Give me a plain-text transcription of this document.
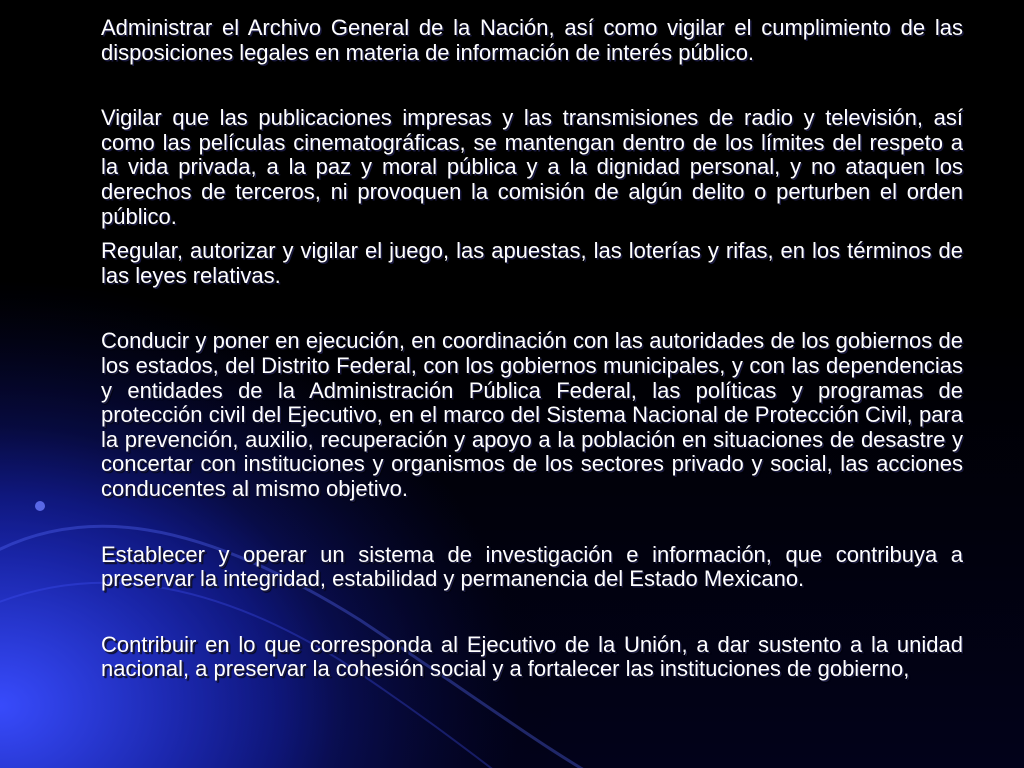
Administrar el Archivo General de la Nación, así como vigilar el cumplimiento de las disposiciones legales en materia de información de interés público.

Vigilar que las publicaciones impresas y las transmisiones de radio y televisión, así como las películas cinematográficas, se mantengan dentro de los límites del respeto a la vida privada, a la paz y moral pública y a la dignidad personal, y no ataquen los derechos de terceros, ni provoquen la comisión de algún delito o perturben el orden público.

Regular, autorizar y vigilar el juego, las apuestas, las loterías y rifas, en los términos de las leyes relativas.

Conducir y poner en ejecución, en coordinación con las autoridades de los gobiernos de los estados, del Distrito Federal, con los gobiernos municipales, y con las dependencias y entidades de la Administración Pública Federal, las políticas y programas de protección civil del Ejecutivo, en el marco del Sistema Nacional de Protección Civil, para la prevención, auxilio, recuperación y apoyo a la población en situaciones de desastre y concertar con instituciones y organismos de los sectores privado y social, las acciones conducentes al mismo objetivo.

Establecer y operar un sistema de investigación e información, que contribuya a preservar la integridad, estabilidad y permanencia del Estado Mexicano.

Contribuir en lo que corresponda al Ejecutivo de la Unión, a dar sustento a la unidad nacional, a preservar la cohesión social y a fortalecer las instituciones de gobierno,
